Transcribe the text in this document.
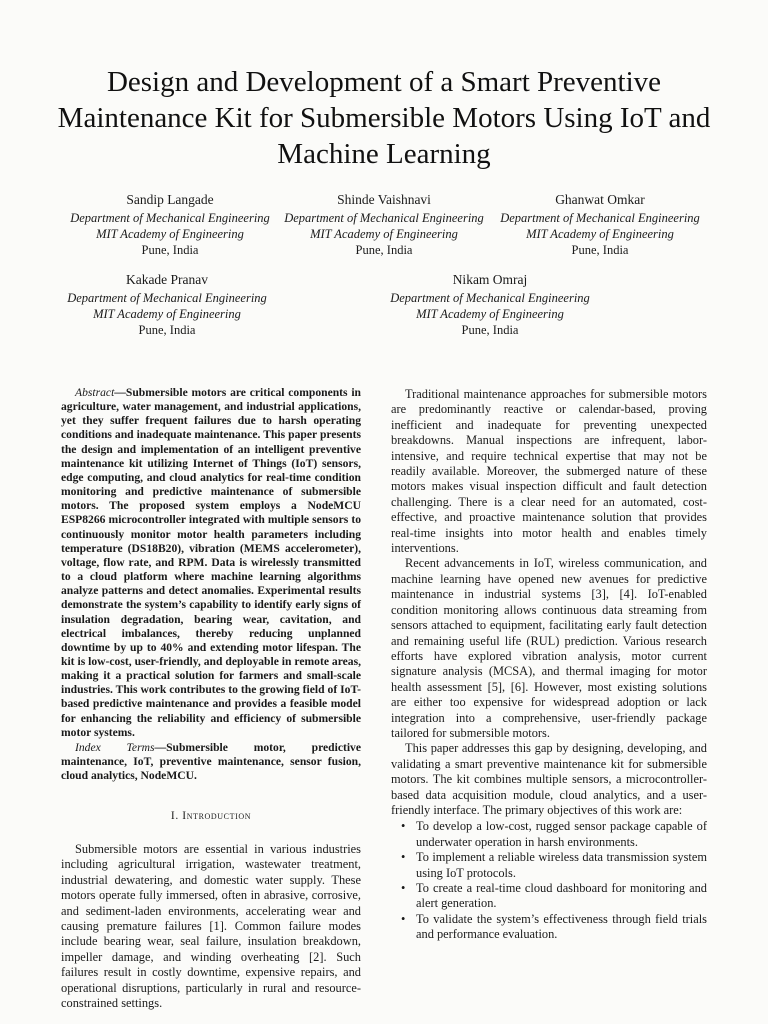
Design and Development of a Smart Preventive Maintenance Kit for Submersible Motors Using IoT and Machine Learning
Sandip Langade
Department of Mechanical Engineering
MIT Academy of Engineering
Pune, India
Shinde Vaishnavi
Department of Mechanical Engineering
MIT Academy of Engineering
Pune, India
Ghanwat Omkar
Department of Mechanical Engineering
MIT Academy of Engineering
Pune, India
Kakade Pranav
Department of Mechanical Engineering
MIT Academy of Engineering
Pune, India
Nikam Omraj
Department of Mechanical Engineering
MIT Academy of Engineering
Pune, India

Abstract—Submersible motors are critical components in agriculture, water management, and industrial applications, yet they suffer frequent failures due to harsh operating conditions and inadequate maintenance. This paper presents the design and implementation of an intelligent preventive maintenance kit utilizing Internet of Things (IoT) sensors, edge computing, and cloud analytics for real-time condition monitoring and predictive maintenance of submersible motors. The proposed system employs a NodeMCU ESP8266 microcontroller integrated with multiple sensors to continuously monitor motor health parameters including temperature (DS18B20), vibration (MEMS accelerometer), voltage, flow rate, and RPM. Data is wirelessly transmitted to a cloud platform where machine learning algorithms analyze patterns and detect anomalies. Experimental results demonstrate the system’s capability to identify early signs of insulation degradation, bearing wear, cavitation, and electrical imbalances, thereby reducing unplanned downtime by up to 40% and extending motor lifespan. The kit is low-cost, user-friendly, and deployable in remote areas, making it a practical solution for farmers and small-scale industries. This work contributes to the growing field of IoT-based predictive maintenance and provides a feasible model for enhancing the reliability and efficiency of submersible motor systems.

Index Terms—Submersible motor, predictive maintenance, IoT, preventive maintenance, sensor fusion, cloud analytics, NodeMCU.

I. Introduction

Submersible motors are essential in various industries including agricultural irrigation, wastewater treatment, industrial dewatering, and domestic water supply. These motors operate fully immersed, often in abrasive, corrosive, and sediment-laden environments, accelerating wear and causing premature failures [1]. Common failure modes include bearing wear, seal failure, insulation breakdown, impeller damage, and winding overheating [2]. Such failures result in costly downtime, expensive repairs, and operational disruptions, particularly in rural and resource-constrained settings.

Traditional maintenance approaches for submersible motors are predominantly reactive or calendar-based, proving inefficient and inadequate for preventing unexpected breakdowns. Manual inspections are infrequent, labor-intensive, and require technical expertise that may not be readily available. Moreover, the submerged nature of these motors makes visual inspection difficult and fault detection challenging. There is a clear need for an automated, cost-effective, and proactive maintenance solution that provides real-time insights into motor health and enables timely interventions.

Recent advancements in IoT, wireless communication, and machine learning have opened new avenues for predictive maintenance in industrial systems [3], [4]. IoT-enabled condition monitoring allows continuous data streaming from sensors attached to equipment, facilitating early fault detection and remaining useful life (RUL) prediction. Various research efforts have explored vibration analysis, motor current signature analysis (MCSA), and thermal imaging for motor health assessment [5], [6]. However, most existing solutions are either too expensive for widespread adoption or lack integration into a comprehensive, user-friendly package tailored for submersible motors.

This paper addresses this gap by designing, developing, and validating a smart preventive maintenance kit for submersible motors. The kit combines multiple sensors, a microcontroller-based data acquisition module, cloud analytics, and a user-friendly interface. The primary objectives of this work are:

• To develop a low-cost, rugged sensor package capable of underwater operation in harsh environments.
• To implement a reliable wireless data transmission system using IoT protocols.
• To create a real-time cloud dashboard for monitoring and alert generation.
• To validate the system’s effectiveness through field trials and performance evaluation.
